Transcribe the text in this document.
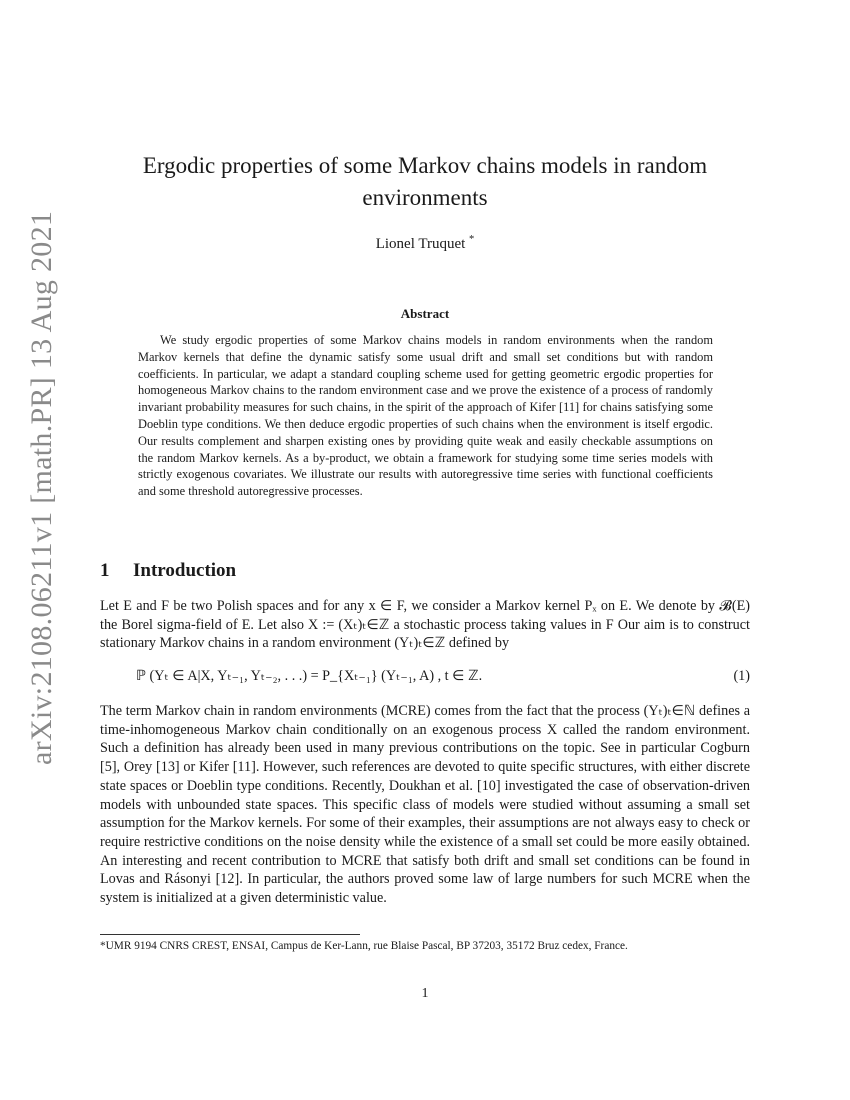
arXiv:2108.06211v1 [math.PR] 13 Aug 2021
Ergodic properties of some Markov chains models in random environments
Lionel Truquet *
Abstract
We study ergodic properties of some Markov chains models in random environments when the random Markov kernels that define the dynamic satisfy some usual drift and small set conditions but with random coefficients. In particular, we adapt a standard coupling scheme used for getting geometric ergodic properties for homogeneous Markov chains to the random environment case and we prove the existence of a process of randomly invariant probability measures for such chains, in the spirit of the approach of Kifer [11] for chains satisfying some Doeblin type conditions. We then deduce ergodic properties of such chains when the environment is itself ergodic. Our results complement and sharpen existing ones by providing quite weak and easily checkable assumptions on the random Markov kernels. As a by-product, we obtain a framework for studying some time series models with strictly exogenous covariates. We illustrate our results with autoregressive time series with functional coefficients and some threshold autoregressive processes.
1 Introduction
Let E and F be two Polish spaces and for any x ∈ F, we consider a Markov kernel Pₓ on E. We denote by 𝓑(E) the Borel sigma-field of E. Let also X := (Xₜ)ₜ∈ℤ a stochastic process taking values in F Our aim is to construct stationary Markov chains in a random environment (Yₜ)ₜ∈ℤ defined by
ℙ (Yₜ ∈ A|X, Yₜ₋₁, Yₜ₋₂, . . .) = P_{Xₜ₋₁} (Yₜ₋₁, A) , t ∈ ℤ.	(1)
The term Markov chain in random environments (MCRE) comes from the fact that the process (Yₜ)ₜ∈ℕ defines a time-inhomogeneous Markov chain conditionally on an exogenous process X called the random environment. Such a definition has already been used in many previous contributions on the topic. See in particular Cogburn [5], Orey [13] or Kifer [11]. However, such references are devoted to quite specific structures, with either discrete state spaces or Doeblin type conditions. Recently, Doukhan et al. [10] investigated the case of observation-driven models with unbounded state spaces. This specific class of models were studied without assuming a small set assumption for the Markov kernels. For some of their examples, their assumptions are not always easy to check or require restrictive conditions on the noise density while the existence of a small set could be more easily obtained. An interesting and recent contribution to MCRE that satisfy both drift and small set conditions can be found in Lovas and Rásonyi [12]. In particular, the authors proved some law of large numbers for such MCRE when the system is initialized at a given deterministic value.
*UMR 9194 CNRS CREST, ENSAI, Campus de Ker-Lann, rue Blaise Pascal, BP 37203, 35172 Bruz cedex, France.
1
